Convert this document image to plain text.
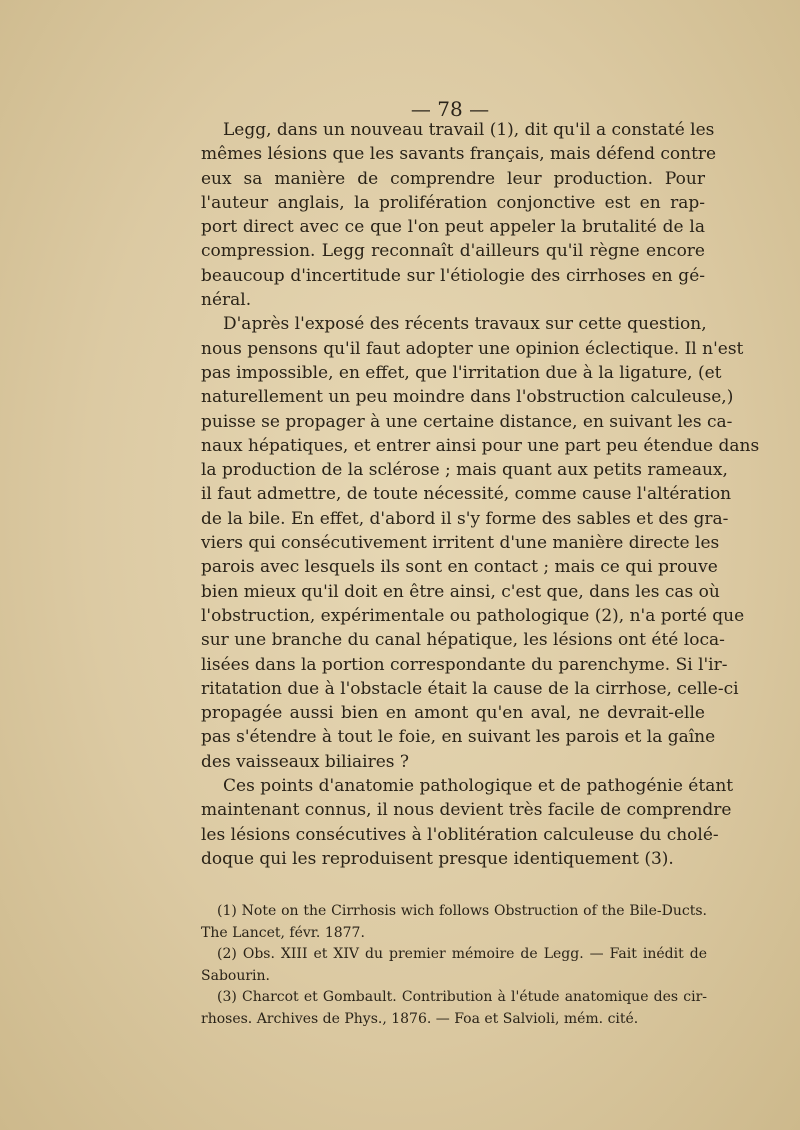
— 78 —
Legg, dans un nouveau travail (1), dit qu'il a constaté les
mêmes lésions que les savants français, mais défend contre
eux sa manière de comprendre leur production. Pour
l'auteur anglais, la prolifération conjonctive est en rap-
port direct avec ce que l'on peut appeler la brutalité de la
compression. Legg reconnaît d'ailleurs qu'il règne encore
beaucoup d'incertitude sur l'étiologie des cirrhoses en gé-
néral.
D'après l'exposé des récents travaux sur cette question,
nous pensons qu'il faut adopter une opinion éclectique. Il n'est
pas impossible, en effet, que l'irritation due à la ligature, (et
naturellement un peu moindre dans l'obstruction calculeuse,)
puisse se propager à une certaine distance, en suivant les ca-
naux hépatiques, et entrer ainsi pour une part peu étendue dans
la production de la sclérose ; mais quant aux petits rameaux,
il faut admettre, de toute nécessité, comme cause l'altération
de la bile. En effet, d'abord il s'y forme des sables et des gra-
viers qui consécutivement irritent d'une manière directe les
parois avec lesquels ils sont en contact ; mais ce qui prouve
bien mieux qu'il doit en être ainsi, c'est que, dans les cas où
l'obstruction, expérimentale ou pathologique (2), n'a porté que
sur une branche du canal hépatique, les lésions ont été loca-
lisées dans la portion correspondante du parenchyme. Si l'ir-
ritatation due à l'obstacle était la cause de la cirrhose, celle-ci
propagée aussi bien en amont qu'en aval, ne devrait-elle
pas s'étendre à tout le foie, en suivant les parois et la gaîne
des vaisseaux biliaires ?
Ces points d'anatomie pathologique et de pathogénie étant
maintenant connus, il nous devient très facile de comprendre
les lésions consécutives à l'oblitération calculeuse du cholé-
doque qui les reproduisent presque identiquement (3).
(1) Note on the Cirrhosis wich follows Obstruction of the Bile-Ducts.
The Lancet, févr. 1877.
(2) Obs. XIII et XIV du premier mémoire de Legg. — Fait inédit de
Sabourin.
(3) Charcot et Gombault. Contribution à l'étude anatomique des cir-
rhoses. Archives de Phys., 1876. — Foa et Salvioli, mém. cité.
